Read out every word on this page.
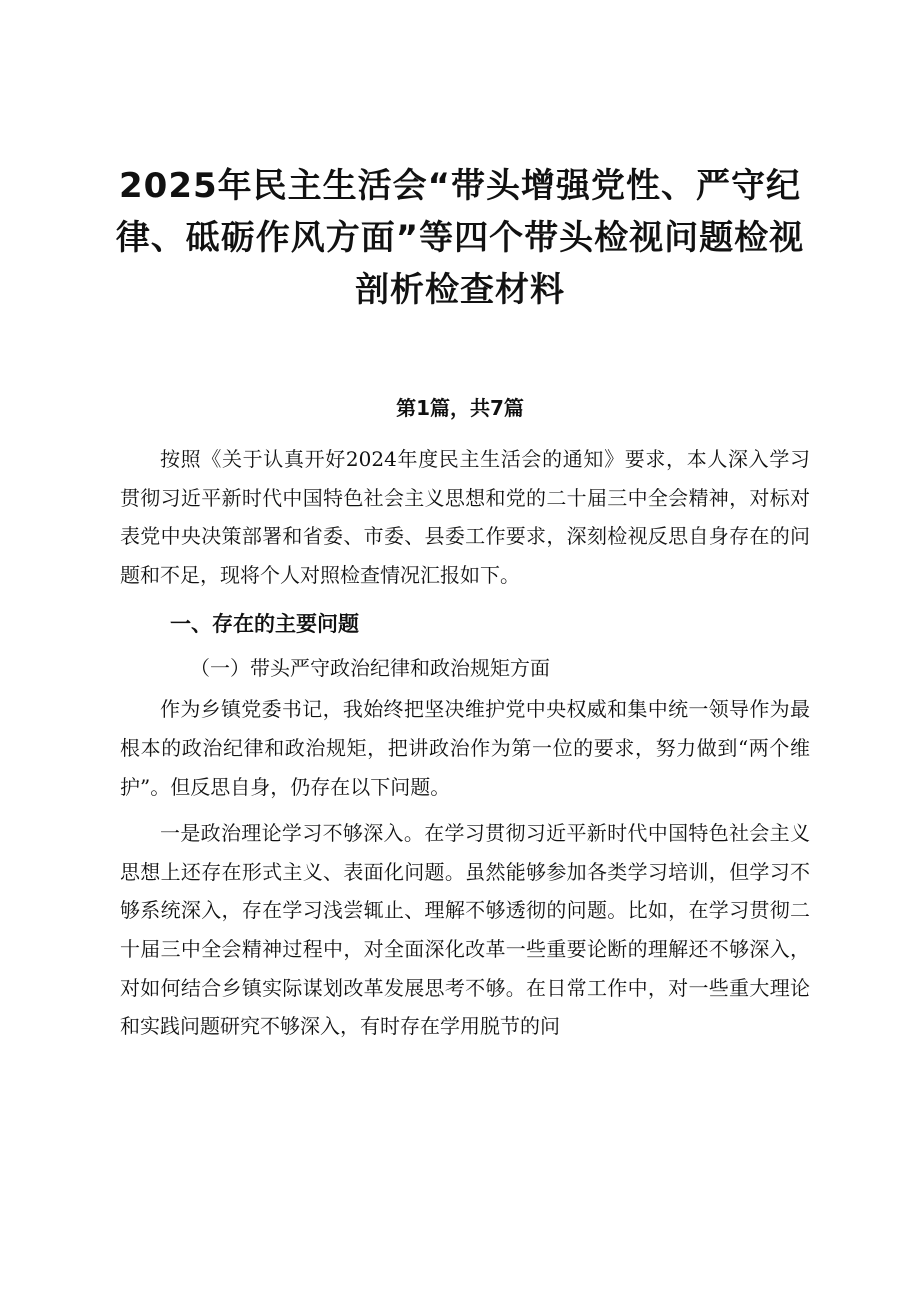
2025年民主生活会“带头增强党性、严守纪律、砥砺作风方面”等四个带头检视问题检视剖析检查材料
第1篇，共7篇

按照《关于认真开好2024年度民主生活会的通知》要求，本人深入学习贯彻习近平新时代中国特色社会主义思想和党的二十届三中全会精神，对标对表党中央决策部署和省委、市委、县委工作要求，深刻检视反思自身存在的问题和不足，现将个人对照检查情况汇报如下。

一、存在的主要问题
（一）带头严守政治纪律和政治规矩方面

作为乡镇党委书记，我始终把坚决维护党中央权威和集中统一领导作为最根本的政治纪律和政治规矩，把讲政治作为第一位的要求，努力做到“两个维护”。但反思自身，仍存在以下问题。

一是政治理论学习不够深入。在学习贯彻习近平新时代中国特色社会主义思想上还存在形式主义、表面化问题。虽然能够参加各类学习培训，但学习不够系统深入，存在学习浅尝辄止、理解不够透彻的问题。比如，在学习贯彻二十届三中全会精神过程中，对全面深化改革一些重要论断的理解还不够深入，对如何结合乡镇实际谋划改革发展思考不够。在日常工作中，对一些重大理论和实践问题研究不够深入，有时存在学用脱节的问
